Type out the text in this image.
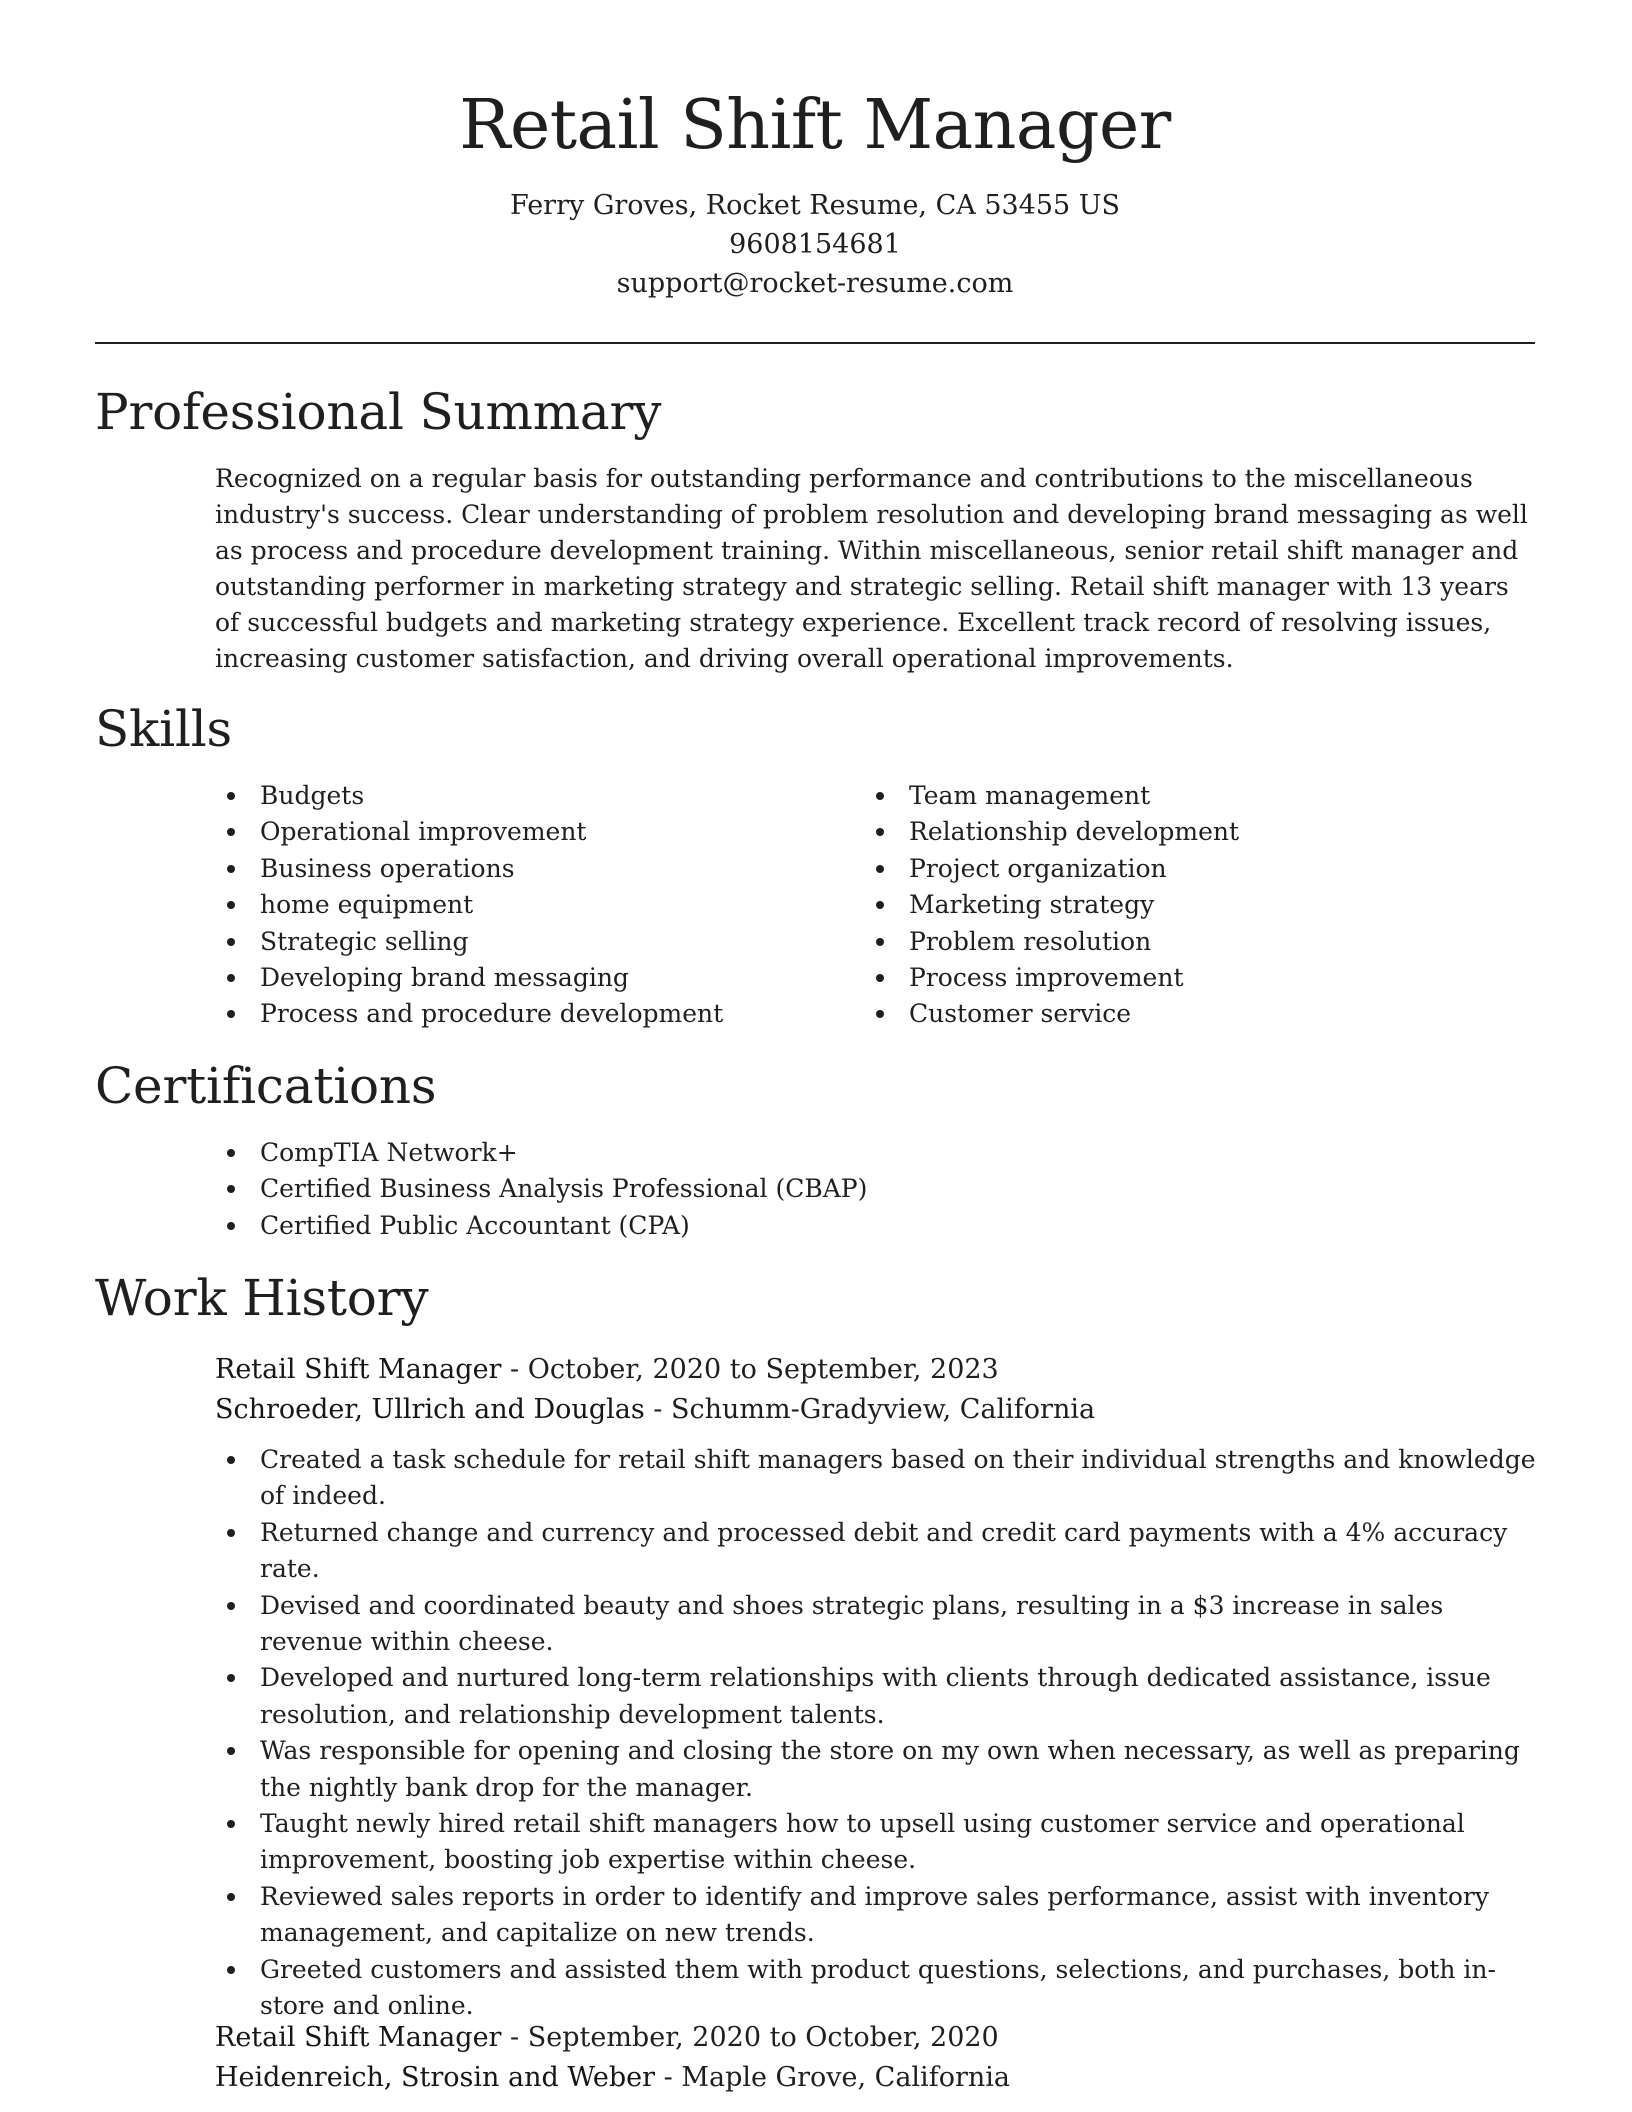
Retail Shift Manager

Ferry Groves, Rocket Resume, CA 53455 US

9608154681

support@rocket-resume.com

Professional Summary

Recognized on a regular basis for outstanding performance and contributions to the miscellaneous industry's success. Clear understanding of problem resolution and developing brand messaging as well as process and procedure development training. Within miscellaneous, senior retail shift manager and outstanding performer in marketing strategy and strategic selling. Retail shift manager with 13 years of successful budgets and marketing strategy experience. Excellent track record of resolving issues, increasing customer satisfaction, and driving overall operational improvements.

Skills
Budgets
Operational improvement
Business operations
home equipment
Strategic selling
Developing brand messaging
Process and procedure development
Team management
Relationship development
Project organization
Marketing strategy
Problem resolution
Process improvement
Customer service
Certifications
CompTIA Network+
Certified Business Analysis Professional (CBAP)
Certified Public Accountant (CPA)
Work History

Retail Shift Manager - October, 2020 to September, 2023

Schroeder, Ullrich and Douglas - Schumm-Gradyview, California

Created a task schedule for retail shift managers based on their individual strengths and knowledge of indeed.
Returned change and currency and processed debit and credit card payments with a 4% accuracy rate.
Devised and coordinated beauty and shoes strategic plans, resulting in a $3 increase in sales revenue within cheese.
Developed and nurtured long-term relationships with clients through dedicated assistance, issue resolution, and relationship development talents.
Was responsible for opening and closing the store on my own when necessary, as well as preparing the nightly bank drop for the manager.
Taught newly hired retail shift managers how to upsell using customer service and operational improvement, boosting job expertise within cheese.
Reviewed sales reports in order to identify and improve sales performance, assist with inventory management, and capitalize on new trends.
Greeted customers and assisted them with product questions, selections, and purchases, both in-store and online.

Retail Shift Manager - September, 2020 to October, 2020

Heidenreich, Strosin and Weber - Maple Grove, California
